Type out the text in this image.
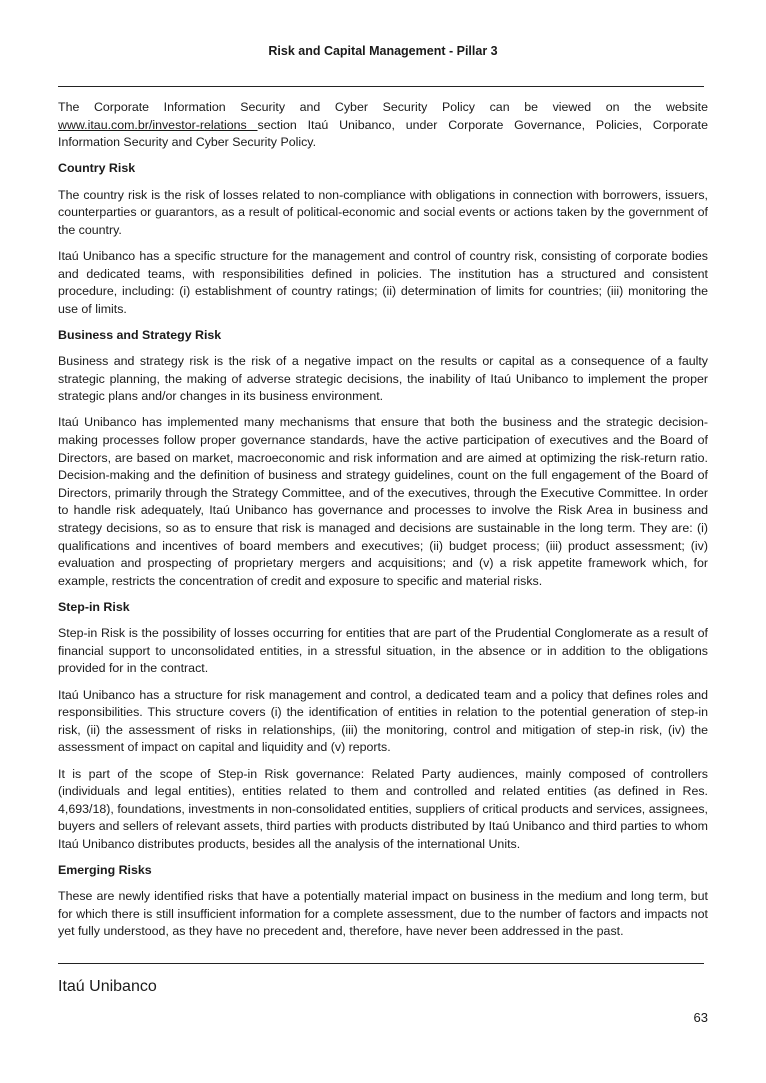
Risk and Capital Management - Pillar 3

The Corporate Information Security and Cyber Security Policy can be viewed on the website www.itau.com.br/investor-relations section Itaú Unibanco, under Corporate Governance, Policies, Corporate Information Security and Cyber Security Policy.

Country Risk

The country risk is the risk of losses related to non-compliance with obligations in connection with borrowers, issuers, counterparties or guarantors, as a result of political-economic and social events or actions taken by the government of the country.

Itaú Unibanco has a specific structure for the management and control of country risk, consisting of corporate bodies and dedicated teams, with responsibilities defined in policies. The institution has a structured and consistent procedure, including: (i) establishment of country ratings; (ii) determination of limits for countries; (iii) monitoring the use of limits.

Business and Strategy Risk

Business and strategy risk is the risk of a negative impact on the results or capital as a consequence of a faulty strategic planning, the making of adverse strategic decisions, the inability of Itaú Unibanco to implement the proper strategic plans and/or changes in its business environment.

Itaú Unibanco has implemented many mechanisms that ensure that both the business and the strategic decision-making processes follow proper governance standards, have the active participation of executives and the Board of Directors, are based on market, macroeconomic and risk information and are aimed at optimizing the risk-return ratio. Decision-making and the definition of business and strategy guidelines, count on the full engagement of the Board of Directors, primarily through the Strategy Committee, and of the executives, through the Executive Committee. In order to handle risk adequately, Itaú Unibanco has governance and processes to involve the Risk Area in business and strategy decisions, so as to ensure that risk is managed and decisions are sustainable in the long term. They are: (i) qualifications and incentives of board members and executives; (ii) budget process; (iii) product assessment; (iv) evaluation and prospecting of proprietary mergers and acquisitions; and (v) a risk appetite framework which, for example, restricts the concentration of credit and exposure to specific and material risks.

Step-in Risk

Step-in Risk is the possibility of losses occurring for entities that are part of the Prudential Conglomerate as a result of financial support to unconsolidated entities, in a stressful situation, in the absence or in addition to the obligations provided for in the contract.

Itaú Unibanco has a structure for risk management and control, a dedicated team and a policy that defines roles and responsibilities. This structure covers (i) the identification of entities in relation to the potential generation of step-in risk, (ii) the assessment of risks in relationships, (iii) the monitoring, control and mitigation of step-in risk, (iv) the assessment of impact on capital and liquidity and (v) reports.

It is part of the scope of Step-in Risk governance: Related Party audiences, mainly composed of controllers (individuals and legal entities), entities related to them and controlled and related entities (as defined in Res. 4,693/18), foundations, investments in non-consolidated entities, suppliers of critical products and services, assignees, buyers and sellers of relevant assets, third parties with products distributed by Itaú Unibanco and third parties to whom Itaú Unibanco distributes products, besides all the analysis of the international Units.

Emerging Risks

These are newly identified risks that have a potentially material impact on business in the medium and long term, but for which there is still insufficient information for a complete assessment, due to the number of factors and impacts not yet fully understood, as they have no precedent and, therefore, have never been addressed in the past.

Itaú Unibanco
63
